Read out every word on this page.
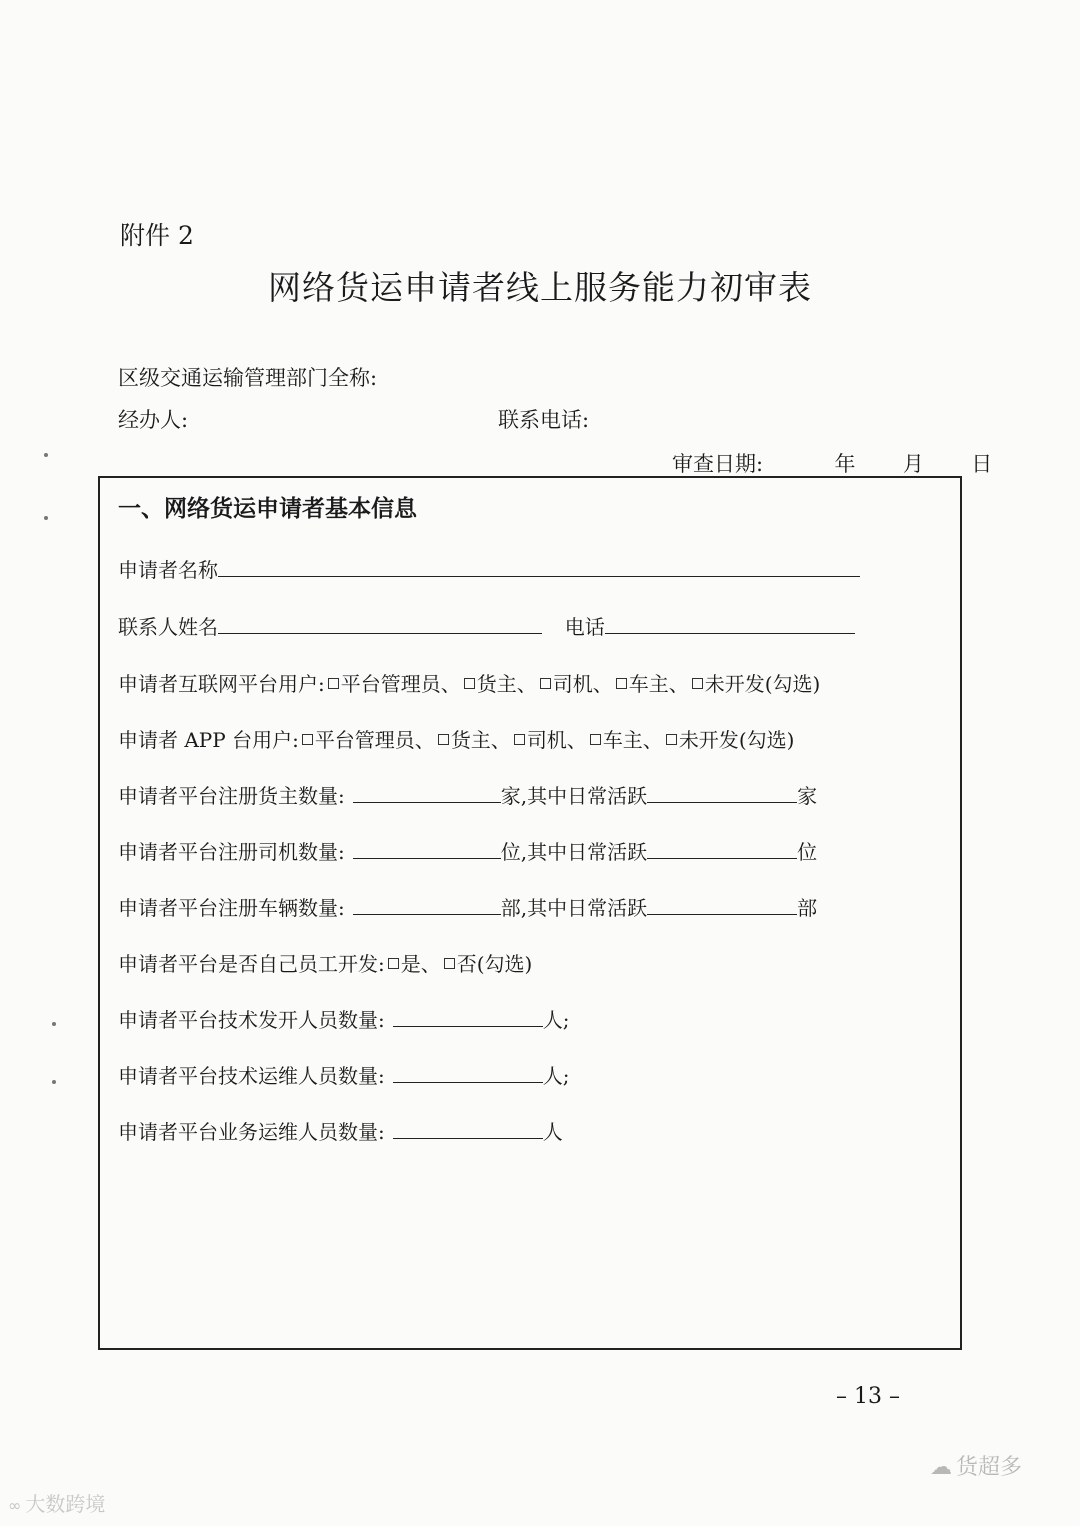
附件 2
网络货运申请者线上服务能力初审表
区级交通运输管理部门全称:
经办人:	联系电话:
审查日期:	年 月 日
一、网络货运申请者基本信息
申请者名称
联系人姓名	电话
申请者互联网平台用户: 平台管理员、 货主、 司机、 车主、 未开发(勾选)
申请者 APP 台用户: 平台管理员、 货主、 司机、 车主、 未开发(勾选)
申请者平台注册货主数量:	家,其中日常活跃	家
申请者平台注册司机数量:	位,其中日常活跃	位
申请者平台注册车辆数量:	部,其中日常活跃	部
申请者平台是否自己员工开发: 是、 否(勾选)
申请者平台技术发开人员数量:	人;
申请者平台技术运维人员数量:	人;
申请者平台业务运维人员数量:	人
– 13 –
∞ 大数跨境
☁ 货超多
